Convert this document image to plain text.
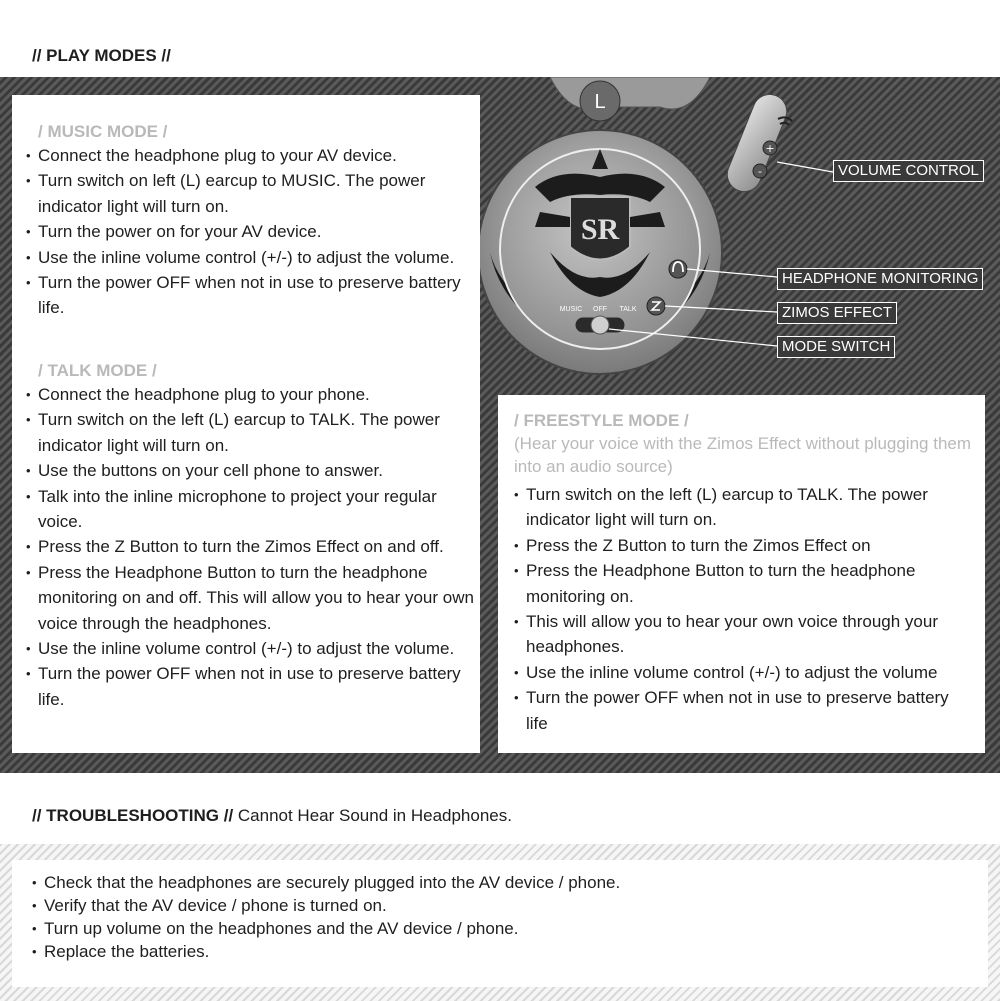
// PLAY MODES //
L
SR
MUSIC OFF TALK
+
-	VOLUME CONTROL
HEADPHONE MONITORING
ZIMOS EFFECT
MODE SWITCH
/ MUSIC MODE /
• Connect the headphone plug to your AV device.
• Turn switch on left (L) earcup to MUSIC. The power indicator light will turn on.
• Turn the power on for your AV device.
• Use the inline volume control (+/-) to adjust the volume.
• Turn the power OFF when not in use to preserve battery life.
/ TALK MODE /
• Connect the headphone plug to your phone.
• Turn switch on the left (L) earcup to TALK. The power indicator light will turn on.
• Use the buttons on your cell phone to answer.
• Talk into the inline microphone to project your regular voice.
• Press the Z Button to turn the Zimos Effect on and off.
• Press the Headphone Button to turn the headphone monitoring on and off. This will allow you to hear your own voice through the headphones.
• Use the inline volume control (+/-) to adjust the volume.
• Turn the power OFF when not in use to preserve battery life.
/ FREESTYLE MODE /
(Hear your voice with the Zimos Effect without plugging them into an audio source)
• Turn switch on the left (L) earcup to TALK. The power indicator light will turn on.
• Press the Z Button to turn the Zimos Effect on
• Press the Headphone Button to turn the headphone monitoring on.
• This will allow you to hear your own voice through your headphones.
• Use the inline volume control (+/-) to adjust the volume
• Turn the power OFF when not in use to preserve battery life
// TROUBLESHOOTING // Cannot Hear Sound in Headphones.
• Check that the headphones are securely plugged into the AV device / phone.
• Verify that the AV device / phone is turned on.
• Turn up volume on the headphones and the AV device / phone.
• Replace the batteries.
